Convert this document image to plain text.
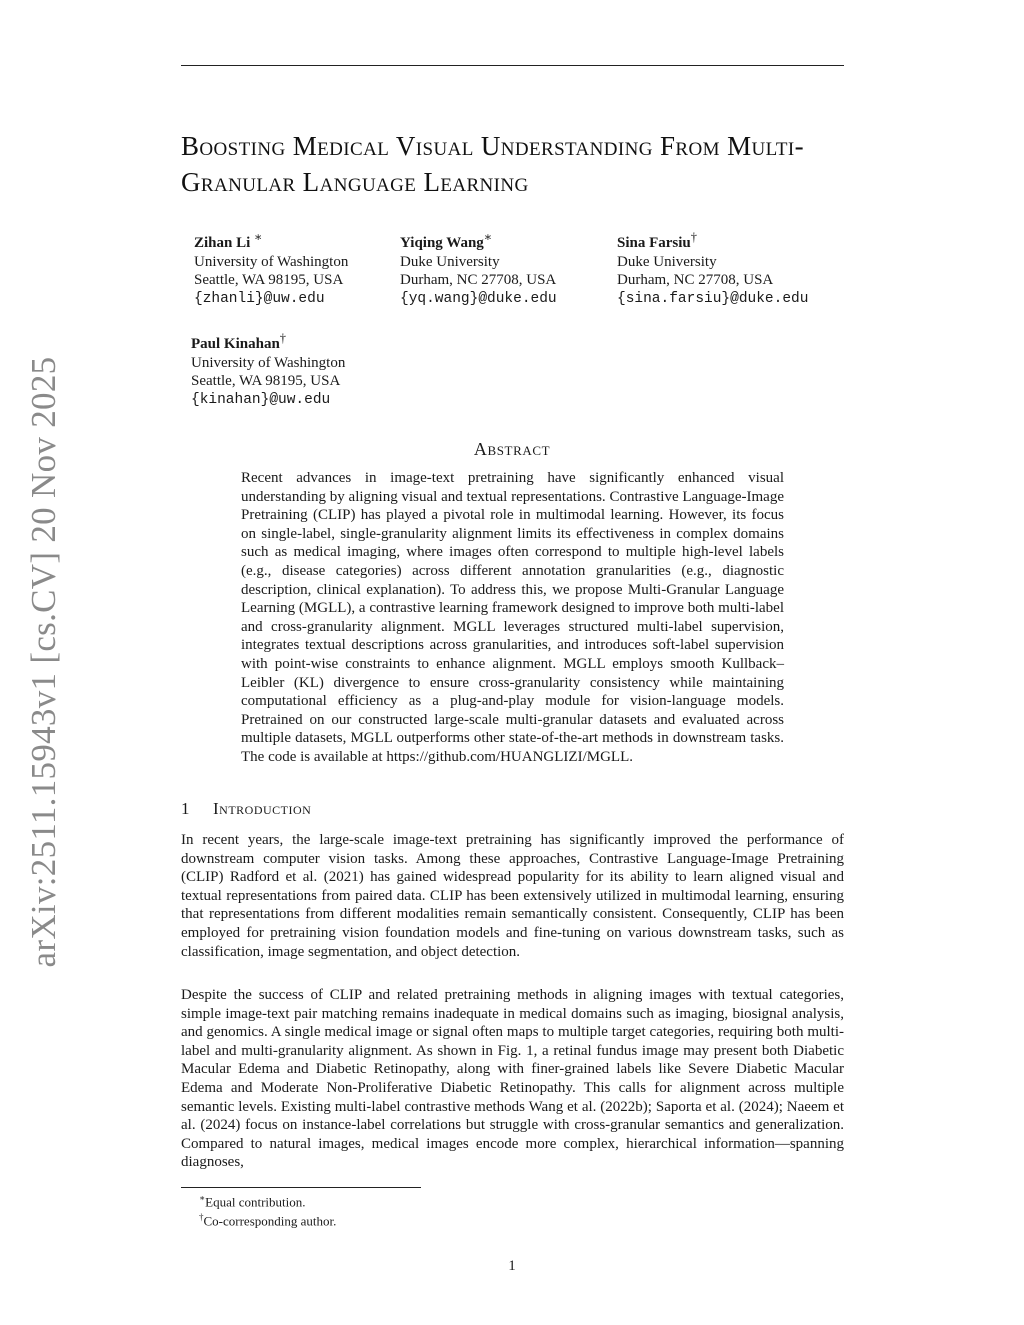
arXiv:2511.15943v1 [cs.CV] 20 Nov 2025
Boosting Medical Visual Understanding From Multi-Granular Language Learning
Zihan Li ∗
University of Washington
Seattle, WA 98195, USA
{zhanli}@uw.edu
Yiqing Wang∗
Duke University
Durham, NC 27708, USA
{yq.wang}@duke.edu
Sina Farsiu†
Duke University
Durham, NC 27708, USA
{sina.farsiu}@duke.edu
Paul Kinahan†
University of Washington
Seattle, WA 98195, USA
{kinahan}@uw.edu
Abstract
Recent advances in image-text pretraining have significantly enhanced visual understanding by aligning visual and textual representations. Contrastive Language-Image Pretraining (CLIP) has played a pivotal role in multimodal learning. However, its focus on single-label, single-granularity alignment limits its effectiveness in complex domains such as medical imaging, where images often correspond to multiple high-level labels (e.g., disease categories) across different annotation granularities (e.g., diagnostic description, clinical explanation). To address this, we propose Multi-Granular Language Learning (MGLL), a contrastive learning framework designed to improve both multi-label and cross-granularity alignment. MGLL leverages structured multi-label supervision, integrates textual descriptions across granularities, and introduces soft-label supervision with point-wise constraints to enhance alignment. MGLL employs smooth Kullback–Leibler (KL) divergence to ensure cross-granularity consistency while maintaining computational efficiency as a plug-and-play module for vision-language models. Pretrained on our constructed large-scale multi-granular datasets and evaluated across multiple datasets, MGLL outperforms other state-of-the-art methods in downstream tasks. The code is available at https://github.com/HUANGLIZI/MGLL.
1 Introduction
In recent years, the large-scale image-text pretraining has significantly improved the performance of downstream computer vision tasks. Among these approaches, Contrastive Language-Image Pretraining (CLIP) Radford et al. (2021) has gained widespread popularity for its ability to learn aligned visual and textual representations from paired data. CLIP has been extensively utilized in multimodal learning, ensuring that representations from different modalities remain semantically consistent. Consequently, CLIP has been employed for pretraining vision foundation models and fine-tuning on various downstream tasks, such as classification, image segmentation, and object detection.
Despite the success of CLIP and related pretraining methods in aligning images with textual categories, simple image-text pair matching remains inadequate in medical domains such as imaging, biosignal analysis, and genomics. A single medical image or signal often maps to multiple target categories, requiring both multi-label and multi-granularity alignment. As shown in Fig. 1, a retinal fundus image may present both Diabetic Macular Edema and Diabetic Retinopathy, along with finer-grained labels like Severe Diabetic Macular Edema and Moderate Non-Proliferative Diabetic Retinopathy. This calls for alignment across multiple semantic levels. Existing multi-label contrastive methods Wang et al. (2022b); Saporta et al. (2024); Naeem et al. (2024) focus on instance-label correlations but struggle with cross-granular semantics and generalization. Compared to natural images, medical images encode more complex, hierarchical information—spanning diagnoses,
∗Equal contribution.
†Co-corresponding author.
1
